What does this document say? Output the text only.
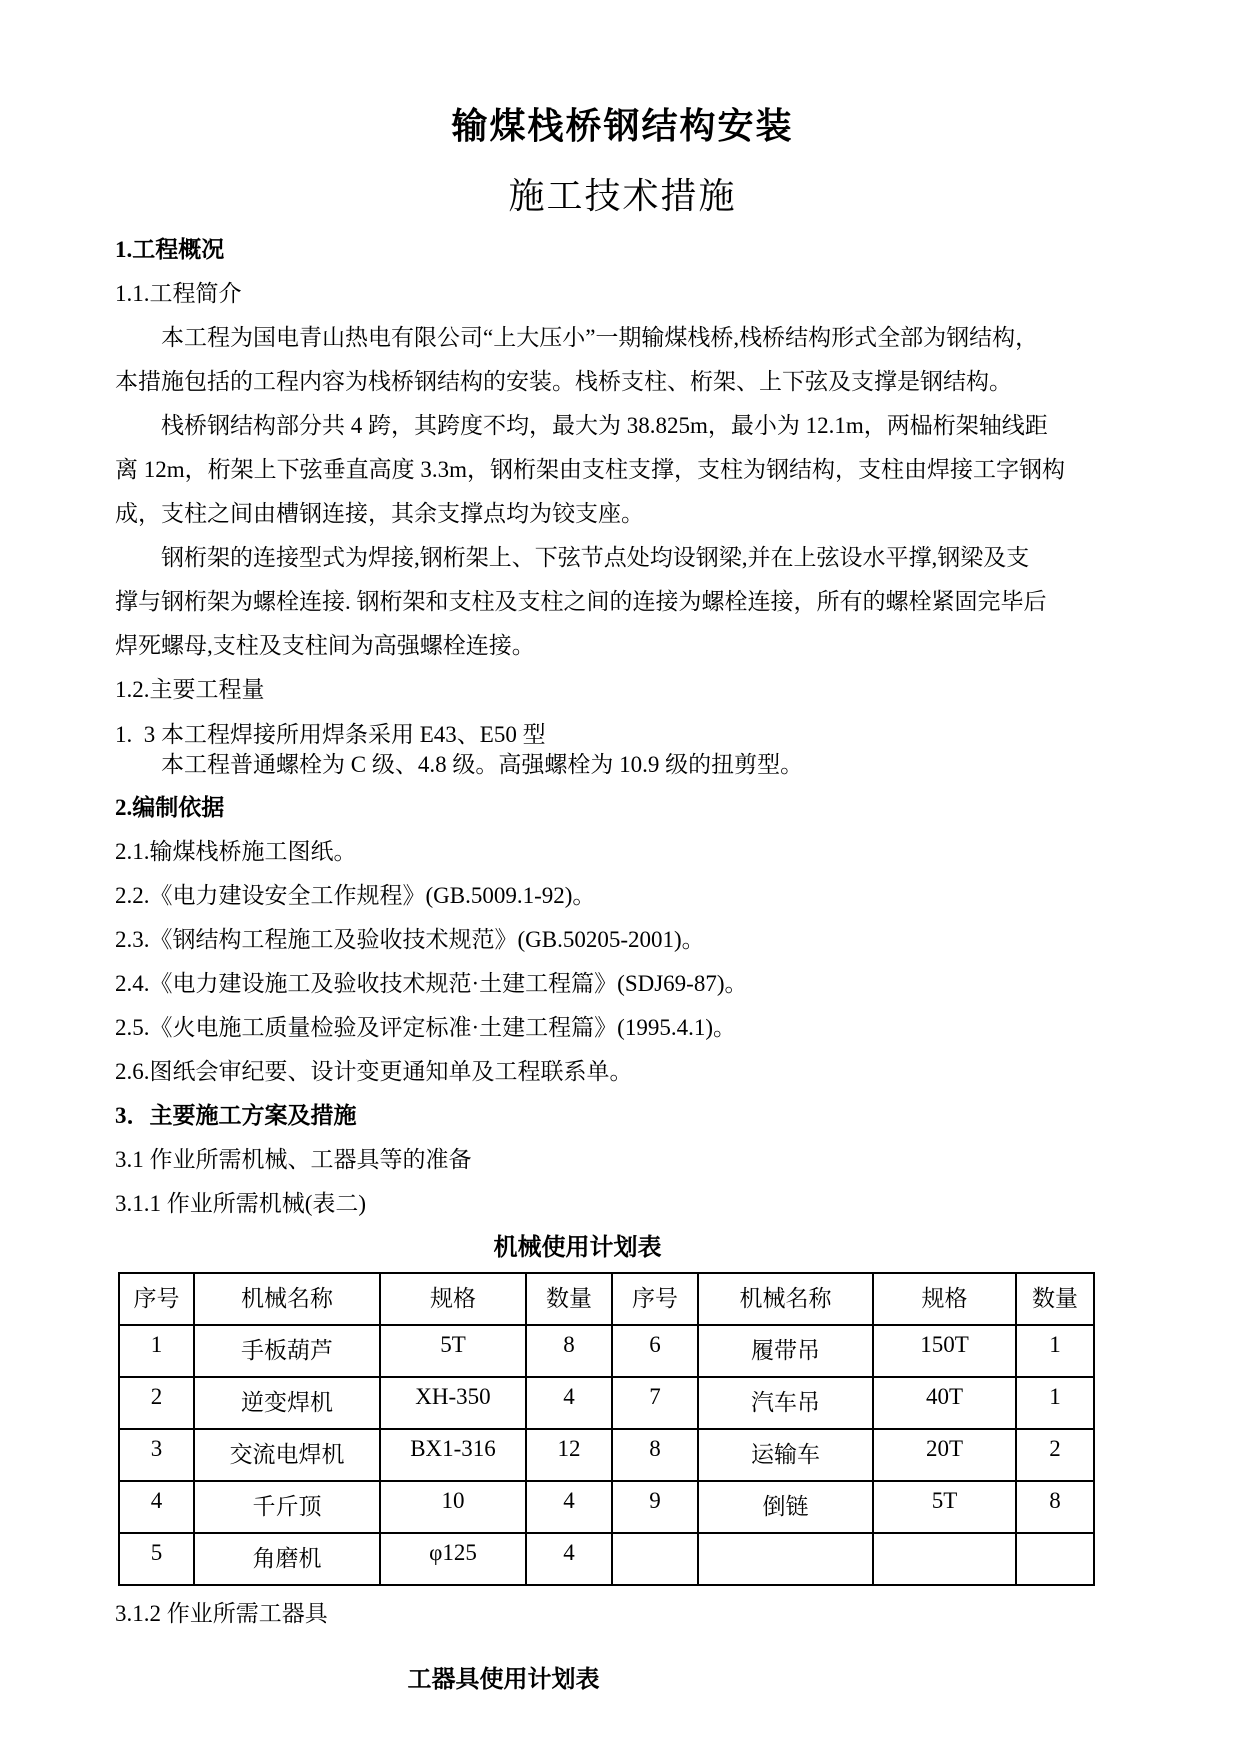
输煤栈桥钢结构安装
施工技术措施
1.工程概况
1.1.工程简介
本工程为国电青山热电有限公司“上大压小”一期输煤栈桥,栈桥结构形式全部为钢结构，
本措施包括的工程内容为栈桥钢结构的安装。栈桥支柱、桁架、上下弦及支撑是钢结构。
栈桥钢结构部分共 4 跨，其跨度不均，最大为 38.825m，最小为 12.1m，两榀桁架轴线距
离 12m，桁架上下弦垂直高度 3.3m，钢桁架由支柱支撑，支柱为钢结构，支柱由焊接工字钢构
成，支柱之间由槽钢连接，其余支撑点均为铰支座。
钢桁架的连接型式为焊接,钢桁架上、下弦节点处均设钢梁,并在上弦设水平撑,钢梁及支
撑与钢桁架为螺栓连接. 钢桁架和支柱及支柱之间的连接为螺栓连接，所有的螺栓紧固完毕后
焊死螺母,支柱及支柱间为高强螺栓连接。
1.2.主要工程量
1.  3 本工程焊接所用焊条采用 E43、E50 型
本工程普通螺栓为 C 级、4.8 级。高强螺栓为 10.9 级的扭剪型。
2.编制依据
2.1.输煤栈桥施工图纸。
2.2.《电力建设安全工作规程》(GB.5009.1-92)。
2.3.《钢结构工程施工及验收技术规范》(GB.50205-2001)。
2.4.《电力建设施工及验收技术规范·土建工程篇》(SDJ69-87)。
2.5.《火电施工质量检验及评定标准·土建工程篇》(1995.4.1)。
2.6.图纸会审纪要、设计变更通知单及工程联系单。
3．主要施工方案及措施
3.1 作业所需机械、工器具等的准备
3.1.1 作业所需机械(表二)
机械使用计划表
序号	机械名称	规格	数量	序号	机械名称	规格	数量
1	手板葫芦	5T	8	6	履带吊	150T	1
2	逆变焊机	XH-350	4	7	汽车吊	40T	1
3	交流电焊机	BX1-316	12	8	运输车	20T	2
4	千斤顶	10	4	9	倒链	5T	8
5	角磨机	φ125	4				
3.1.2 作业所需工器具
工器具使用计划表
